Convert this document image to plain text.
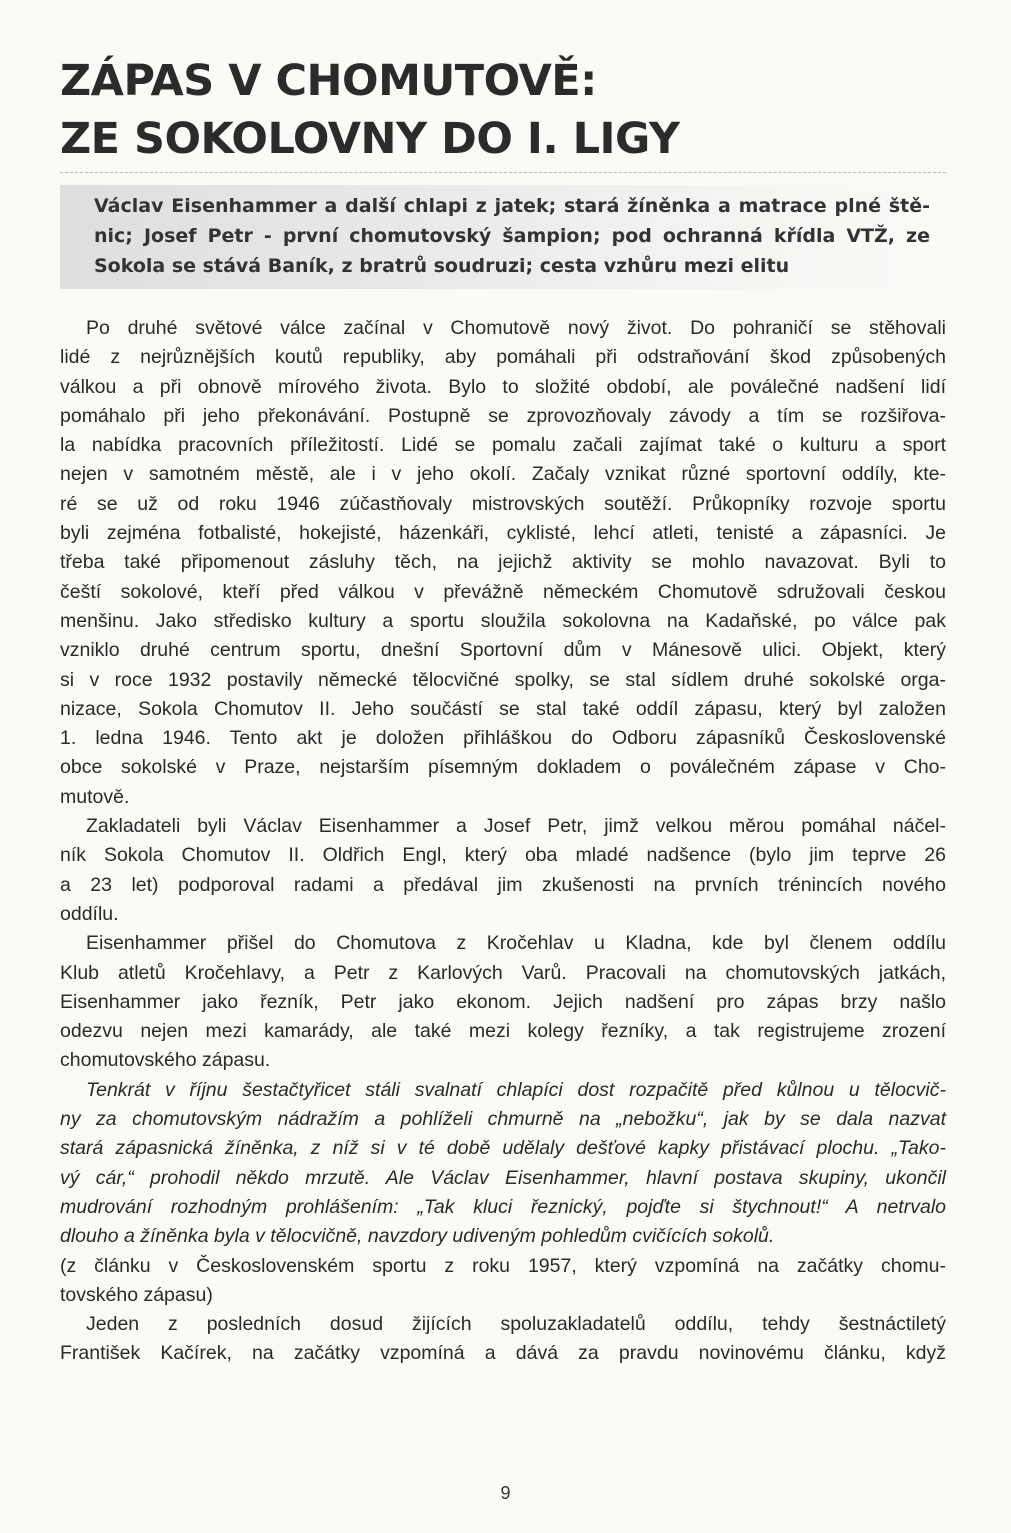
ZÁPAS V CHOMUTOVĚ:
ZE SOKOLOVNY DO I. LIGY
Václav Eisenhammer a další chlapi z jatek; stará žíněnka a matrace plné ště-
nic; Josef Petr - první chomutovský šampion; pod ochranná křídla VTŽ, ze
Sokola se stává Baník, z bratrů soudruzi; cesta vzhůru mezi elitu
Po druhé světové válce začínal v Chomutově nový život. Do pohraničí se stěhovali
lidé z nejrůznějších koutů republiky, aby pomáhali při odstraňování škod způsobených
válkou a při obnově mírového života. Bylo to složité období, ale poválečné nadšení lidí
pomáhalo při jeho překonávání. Postupně se zprovozňovaly závody a tím se rozšiřova-
la nabídka pracovních příležitostí. Lidé se pomalu začali zajímat také o kulturu a sport
nejen v samotném městě, ale i v jeho okolí. Začaly vznikat různé sportovní oddíly, kte-
ré se už od roku 1946 zúčastňovaly mistrovských soutěží. Průkopníky rozvoje sportu
byli zejména fotbalisté, hokejisté, házenkáři, cyklisté, lehcí atleti, tenisté a zápasníci. Je
třeba také připomenout zásluhy těch, na jejichž aktivity se mohlo navazovat. Byli to
čeští sokolové, kteří před válkou v převážně německém Chomutově sdružovali českou
menšinu. Jako středisko kultury a sportu sloužila sokolovna na Kadaňské, po válce pak
vzniklo druhé centrum sportu, dnešní Sportovní dům v Mánesově ulici. Objekt, který
si v roce 1932 postavily německé tělocvičné spolky, se stal sídlem druhé sokolské orga-
nizace, Sokola Chomutov II. Jeho součástí se stal také oddíl zápasu, který byl založen
1. ledna 1946. Tento akt je doložen přihláškou do Odboru zápasníků Československé
obce sokolské v Praze, nejstarším písemným dokladem o poválečném zápase v Cho-
mutově.
Zakladateli byli Václav Eisenhammer a Josef Petr, jimž velkou měrou pomáhal náčel-
ník Sokola Chomutov II. Oldřich Engl, který oba mladé nadšence (bylo jim teprve 26
a 23 let) podporoval radami a předával jim zkušenosti na prvních trénincích nového
oddílu.
Eisenhammer přišel do Chomutova z Kročehlav u Kladna, kde byl členem oddílu
Klub atletů Kročehlavy, a Petr z Karlových Varů. Pracovali na chomutovských jatkách,
Eisenhammer jako řezník, Petr jako ekonom. Jejich nadšení pro zápas brzy našlo
odezvu nejen mezi kamarády, ale také mezi kolegy řezníky, a tak registrujeme zrození
chomutovského zápasu.
Tenkrát v říjnu šestačtyřicet stáli svalnatí chlapíci dost rozpačitě před kůlnou u tělocvič-
ny za chomutovským nádražím a pohlíželi chmurně na „nebožku“, jak by se dala nazvat
stará zápasnická žíněnka, z níž si v té době udělaly dešťové kapky přistávací plochu. „Tako-
vý cár,“ prohodil někdo mrzutě. Ale Václav Eisenhammer, hlavní postava skupiny, ukončil
mudrování rozhodným prohlášením: „Tak kluci řeznický, pojďte si štychnout!“ A netrvalo
dlouho a žíněnka byla v tělocvičně, navzdory udiveným pohledům cvičících sokolů.
(z článku v Československém sportu z roku 1957, který vzpomíná na začátky chomu-
tovského zápasu)
Jeden z posledních dosud žijících spoluzakladatelů oddílu, tehdy šestnáctiletý
František Kačírek, na začátky vzpomíná a dává za pravdu novinovému článku, když
9
